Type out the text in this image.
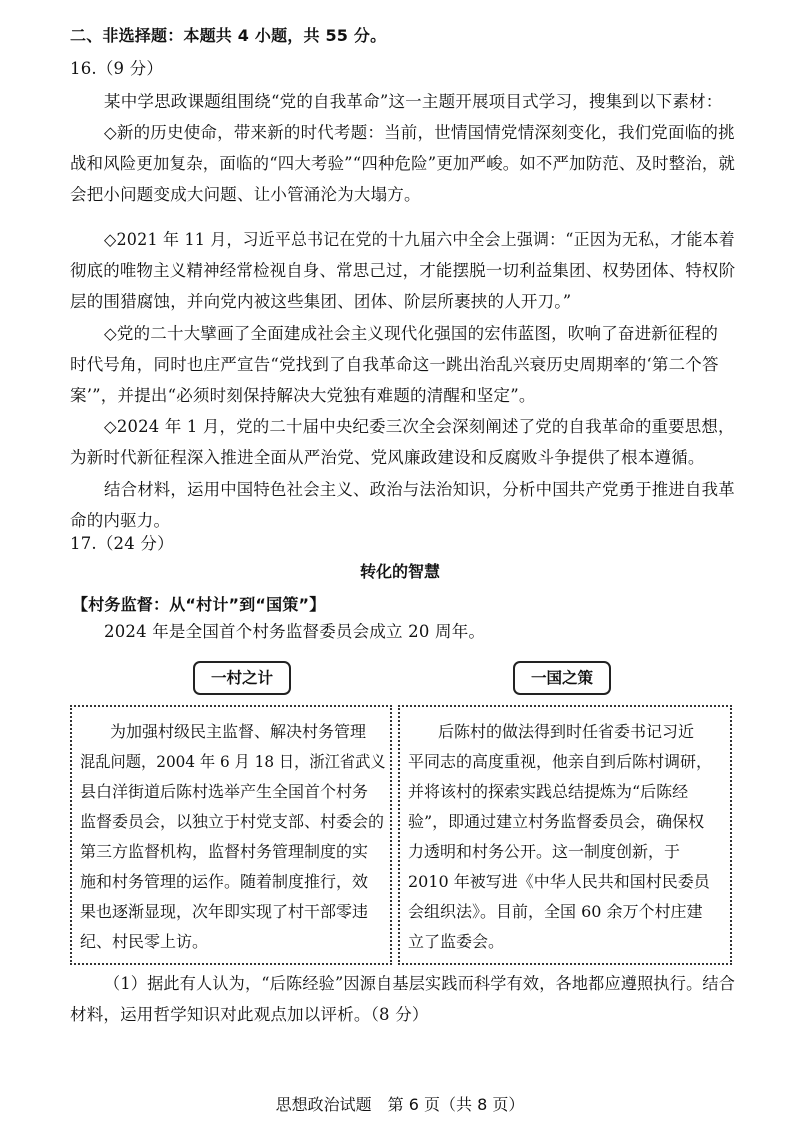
二、非选择题：本题共 4 小题，共 55 分。
16.（9 分）
某中学思政课题组围绕“党的自我革命”这一主题开展项目式学习，搜集到以下素材：
◇新的历史使命，带来新的时代考题：当前，世情国情党情深刻变化，我们党面临的挑
战和风险更加复杂，面临的“四大考验”“四种危险”更加严峻。如不严加防范、及时整治，就
会把小问题变成大问题、让小管涌沦为大塌方。
◇2021 年 11 月，习近平总书记在党的十九届六中全会上强调：“正因为无私，才能本着
彻底的唯物主义精神经常检视自身、常思己过，才能摆脱一切利益集团、权势团体、特权阶
层的围猎腐蚀，并向党内被这些集团、团体、阶层所裹挟的人开刀。”
◇党的二十大擘画了全面建成社会主义现代化强国的宏伟蓝图，吹响了奋进新征程的
时代号角，同时也庄严宣告“党找到了自我革命这一跳出治乱兴衰历史周期率的‘第二个答
案’”，并提出“必须时刻保持解决大党独有难题的清醒和坚定”。
◇2024 年 1 月，党的二十届中央纪委三次全会深刻阐述了党的自我革命的重要思想，
为新时代新征程深入推进全面从严治党、党风廉政建设和反腐败斗争提供了根本遵循。
结合材料，运用中国特色社会主义、政治与法治知识，分析中国共产党勇于推进自我革
命的内驱力。
17.（24 分）
转化的智慧
【村务监督：从“村计”到“国策”】
2024 年是全国首个村务监督委员会成立 20 周年。
一村之计	一国之策
为加强村级民主监督、解决村务管理
混乱问题，2004 年 6 月 18 日，浙江省武义
县白洋街道后陈村选举产生全国首个村务
监督委员会，以独立于村党支部、村委会的
第三方监督机构，监督村务管理制度的实
施和村务管理的运作。随着制度推行，效
果也逐渐显现，次年即实现了村干部零违
纪、村民零上访。
后陈村的做法得到时任省委书记习近
平同志的高度重视，他亲自到后陈村调研，
并将该村的探索实践总结提炼为“后陈经
验”，即通过建立村务监督委员会，确保权
力透明和村务公开。这一制度创新，于
2010 年被写进《中华人民共和国村民委员
会组织法》。目前，全国 60 余万个村庄建
立了监委会。
（1）据此有人认为，“后陈经验”因源自基层实践而科学有效，各地都应遵照执行。结合
材料，运用哲学知识对此观点加以评析。（8 分）
思想政治试题　第 6 页（共 8 页）
